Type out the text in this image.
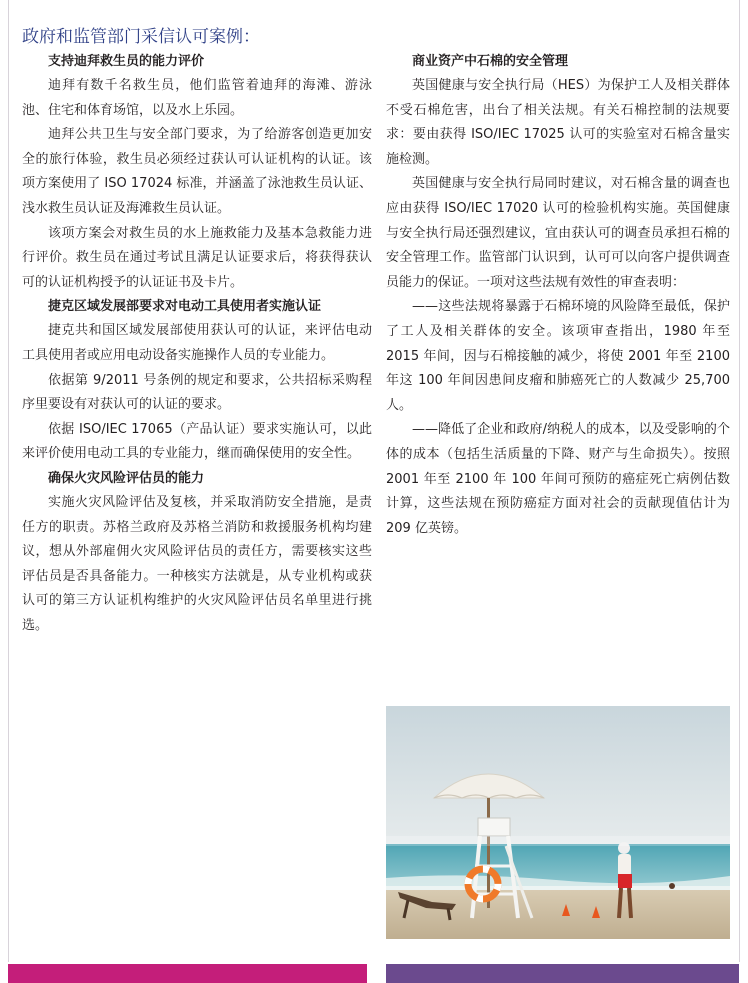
政府和监管部门采信认可案例：
支持迪拜救生员的能力评价

迪拜有数千名救生员，他们监管着迪拜的海滩、游泳池、住宅和体育场馆，以及水上乐园。

迪拜公共卫生与安全部门要求，为了给游客创造更加安全的旅行体验，救生员必须经过获认可认证机构的认证。该项方案使用了 ISO 17024 标准，并涵盖了泳池救生员认证、浅水救生员认证及海滩救生员认证。

该项方案会对救生员的水上施救能力及基本急救能力进行评价。救生员在通过考试且满足认证要求后，将获得获认可的认证机构授予的认证证书及卡片。

捷克区域发展部要求对电动工具使用者实施认证

捷克共和国区域发展部使用获认可的认证，来评估电动工具使用者或应用电动设备实施操作人员的专业能力。

依据第 9/2011 号条例的规定和要求，公共招标采购程序里要设有对获认可的认证的要求。

依据 ISO/IEC 17065（产品认证）要求实施认可，以此来评价使用电动工具的专业能力，继而确保使用的安全性。

确保火灾风险评估员的能力

实施火灾风险评估及复核，并采取消防安全措施，是责任方的职责。苏格兰政府及苏格兰消防和救援服务机构均建议，想从外部雇佣火灾风险评估员的责任方，需要核实这些评估员是否具备能力。一种核实方法就是，从专业机构或获认可的第三方认证机构维护的火灾风险评估员名单里进行挑选。

商业资产中石棉的安全管理

英国健康与安全执行局（HES）为保护工人及相关群体不受石棉危害，出台了相关法规。有关石棉控制的法规要求：要由获得 ISO/IEC 17025 认可的实验室对石棉含量实施检测。

英国健康与安全执行局同时建议，对石棉含量的调查也应由获得 ISO/IEC 17020 认可的检验机构实施。英国健康与安全执行局还强烈建议，宜由获认可的调查员承担石棉的安全管理工作。监管部门认识到，认可可以向客户提供调查员能力的保证。一项对这些法规有效性的审查表明：

——这些法规将暴露于石棉环境的风险降至最低，保护了工人及相关群体的安全。该项审查指出，1980 年至 2015 年间，因与石棉接触的减少，将使 2001 年至 2100 年这 100 年间因患间皮瘤和肺癌死亡的人数减少 25,700 人。

——降低了企业和政府/纳税人的成本，以及受影响的个体的成本（包括生活质量的下降、财产与生命损失）。按照 2001 年至 2100 年 100 年间可预防的癌症死亡病例估数计算，这些法规在预防癌症方面对社会的贡献现值估计为 209 亿英镑。
